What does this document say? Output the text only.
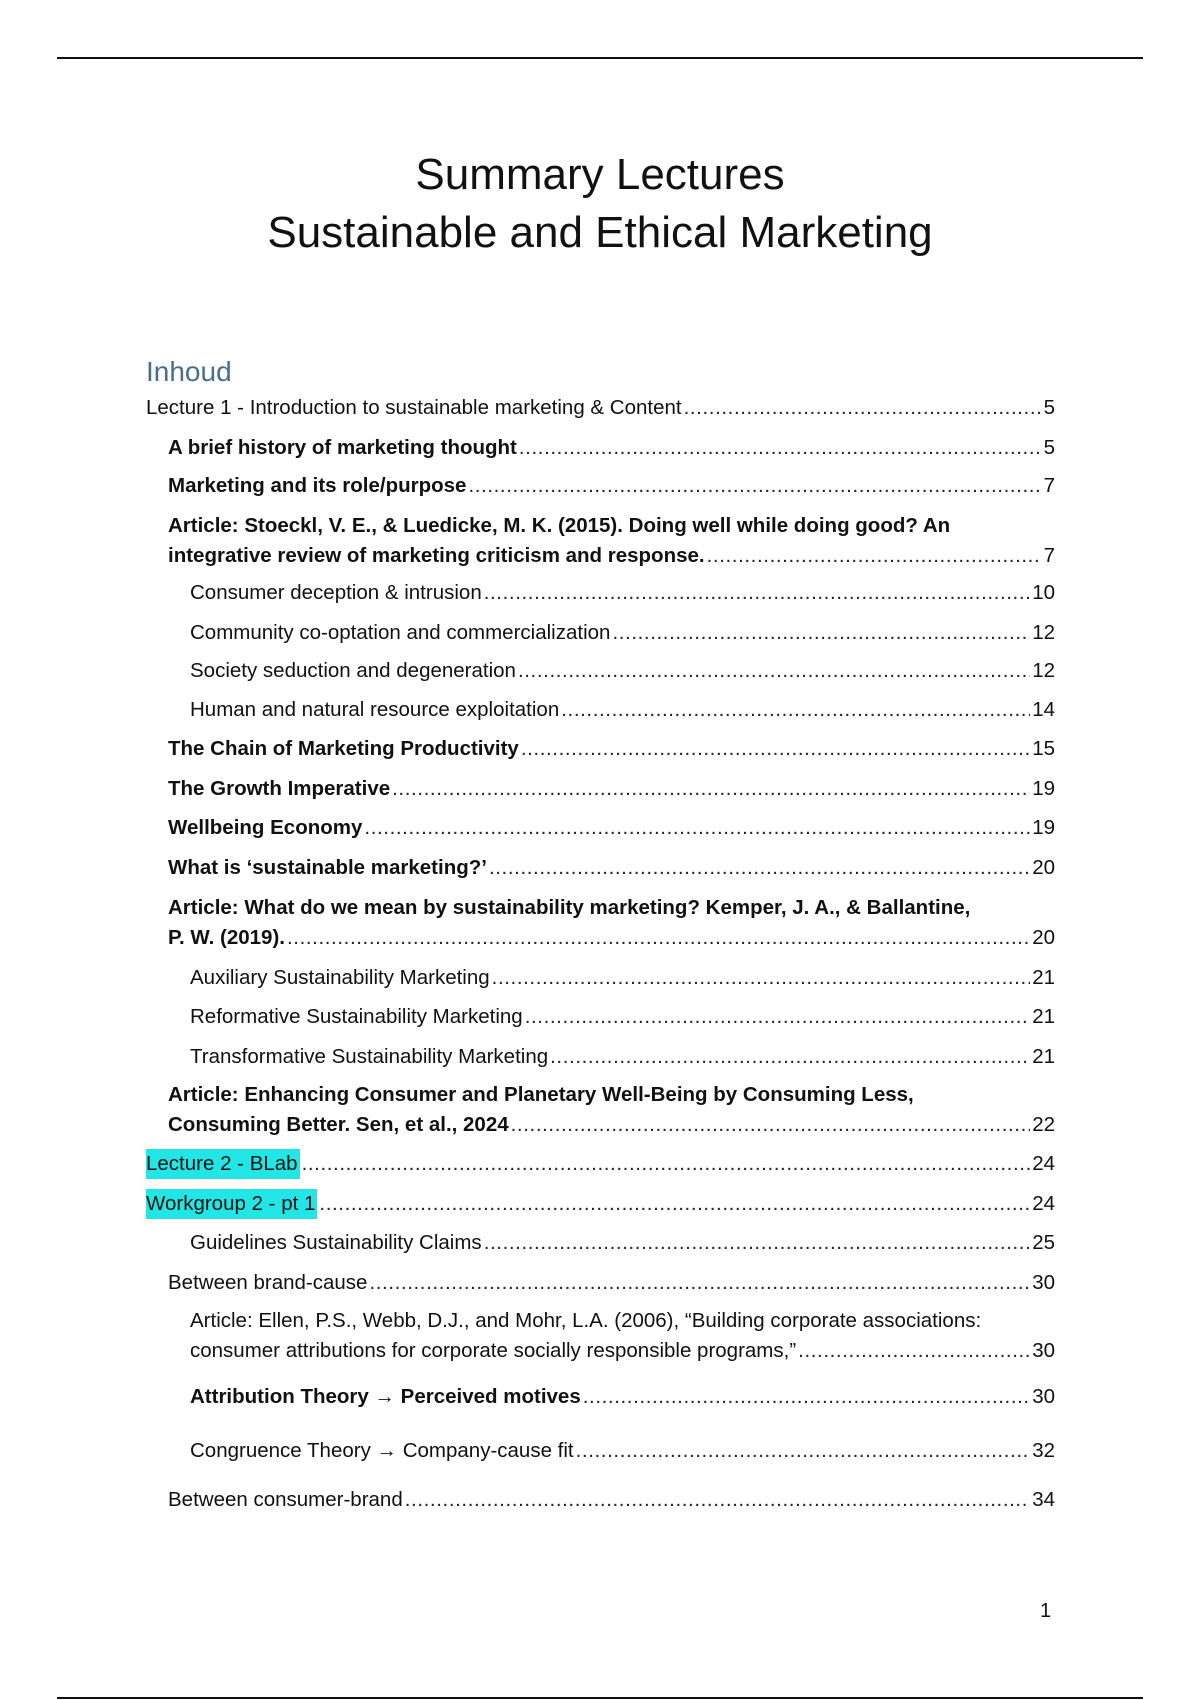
Summary Lectures
Sustainable and Ethical Marketing
Inhoud
Lecture 1 - Introduction to sustainable marketing & Content .....	5
A brief history of marketing thought .....	5
Marketing and its role/purpose .....	7
Article: Stoeckl, V. E., & Luedicke, M. K. (2015). Doing well while doing good? An
integrative review of marketing criticism and response. .....	7
Consumer deception & intrusion .....	10
Community co-optation and commercialization .....	12
Society seduction and degeneration .....	12
Human and natural resource exploitation .....	14
The Chain of Marketing Productivity .....	15
The Growth Imperative .....	19
Wellbeing Economy .....	19
What is ‘sustainable marketing?’ .....	20
Article: What do we mean by sustainability marketing? Kemper, J. A., & Ballantine,
P. W. (2019). .....	20
Auxiliary Sustainability Marketing .....	21
Reformative Sustainability Marketing .....	21
Transformative Sustainability Marketing .....	21
Article: Enhancing Consumer and Planetary Well-Being by Consuming Less,
Consuming Better. Sen, et al., 2024 .....	22
Lecture 2 - BLab .....	24
Workgroup 2 - pt 1 .....	24
Guidelines Sustainability Claims .....	25
Between brand-cause .....	30
Article: Ellen, P.S., Webb, D.J., and Mohr, L.A. (2006), “Building corporate associations:
consumer attributions for corporate socially responsible programs,” .....	30
Attribution Theory → Perceived motives .....	30
Congruence Theory → Company-cause fit .....	32
Between consumer-brand .....	34
1
